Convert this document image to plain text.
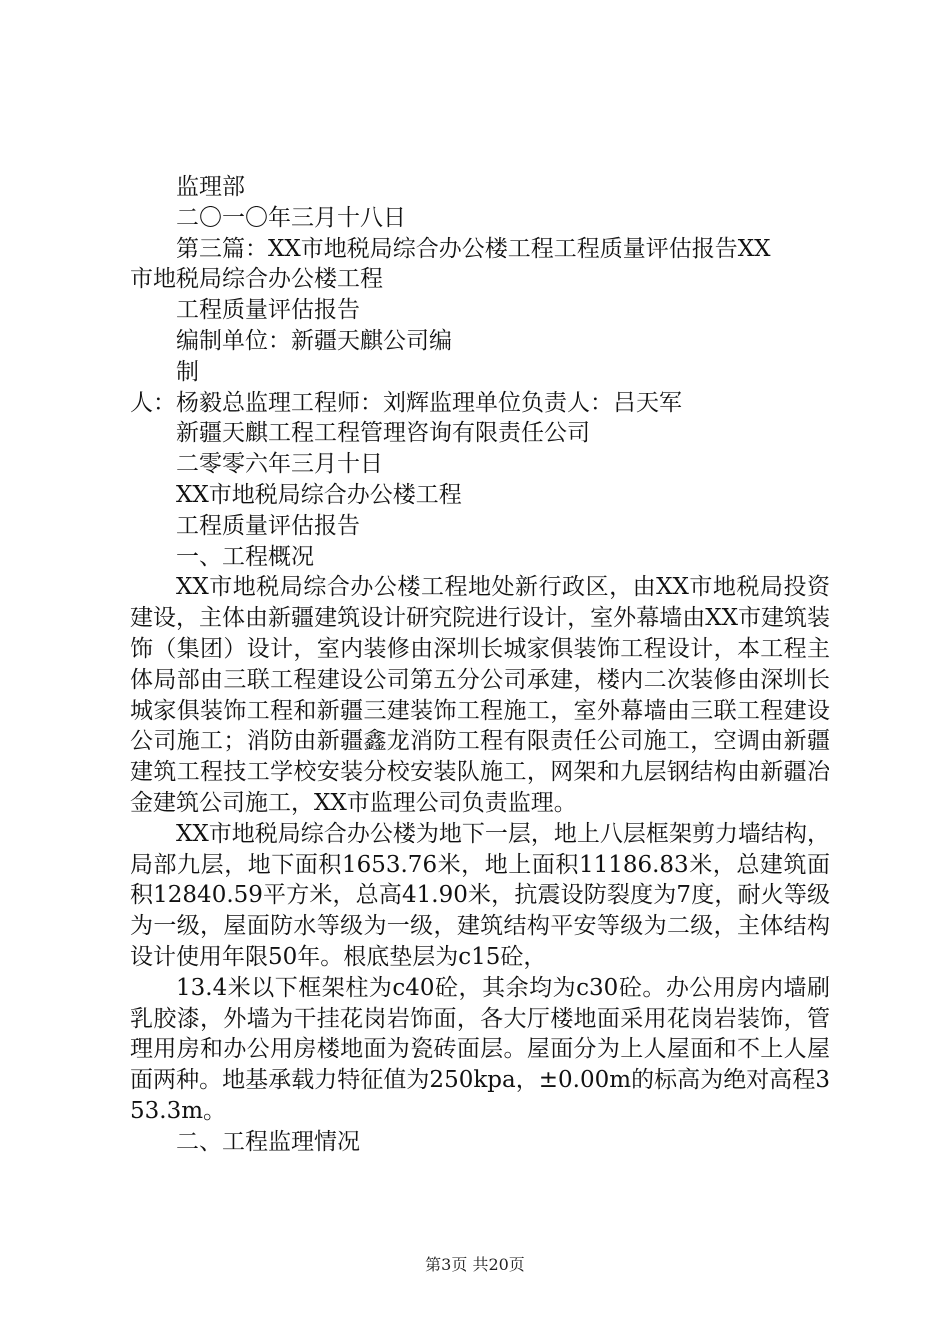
监理部
二〇一〇年三月十八日
第三篇：XX市地税局综合办公楼工程工程质量评估报告XX
市地税局综合办公楼工程
工程质量评估报告
编制单位：新疆天麒公司编
制
人：杨毅总监理工程师：刘辉监理单位负责人：吕天军
新疆天麒工程工程管理咨询有限责任公司
二零零六年三月十日
XX市地税局综合办公楼工程
工程质量评估报告
一、工程概况

XX市地税局综合办公楼工程地处新行政区，由XX市地税局投资建设，主体由新疆建筑设计研究院进行设计，室外幕墙由XX市建筑装饰（集团）设计，室内装修由深圳长城家俱装饰工程设计，本工程主体局部由三联工程建设公司第五分公司承建，楼内二次装修由深圳长城家俱装饰工程和新疆三建装饰工程施工，室外幕墙由三联工程建设公司施工；消防由新疆鑫龙消防工程有限责任公司施工，空调由新疆建筑工程技工学校安装分校安装队施工，网架和九层钢结构由新疆冶金建筑公司施工，XX市监理公司负责监理。

XX市地税局综合办公楼为地下一层，地上八层框架剪力墙结构，局部九层，地下面积1653.76米，地上面积11186.83米，总建筑面积12840.59平方米，总高41.90米，抗震设防裂度为7度，耐火等级为一级，屋面防水等级为一级，建筑结构平安等级为二级，主体结构设计使用年限50年。根底垫层为c15砼，

13.4米以下框架柱为c40砼，其余均为c30砼。办公用房内墙刷乳胶漆，外墙为干挂花岗岩饰面，各大厅楼地面采用花岗岩装饰，管理用房和办公用房楼地面为瓷砖面层。屋面分为上人屋面和不上人屋面两种。地基承载力特征值为250kpa，±0.00m的标高为绝对高程353.3m。

二、工程监理情况
第3页 共20页
